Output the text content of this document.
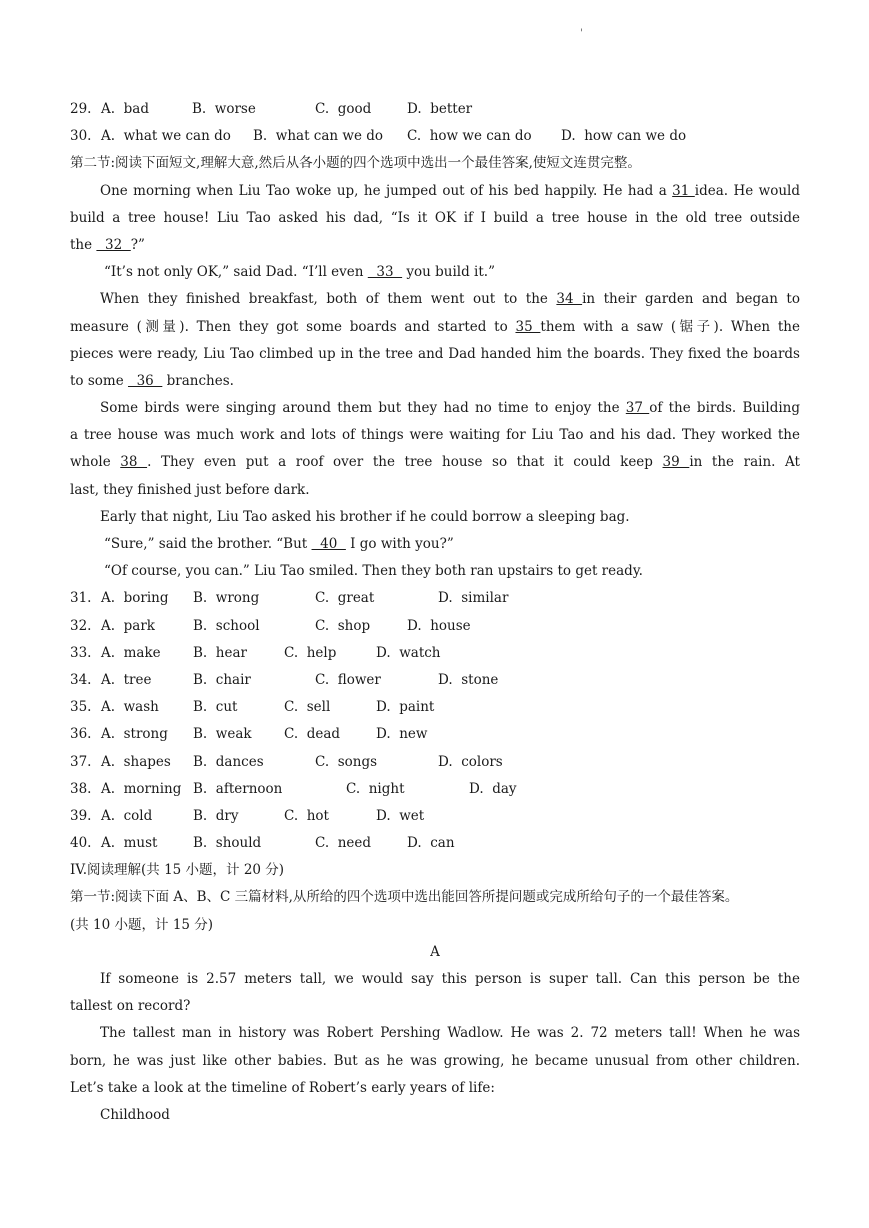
'
29. A.  bad	B.  worse	C.  good	D.  better
30. A.  what we can do B.  what can we do C.  how we can do D.  how can we do
第二节:阅读下面短文,理解大意,然后从各小题的四个选项中选出一个最佳答案,使短文连贯完整。
One morning when Liu Tao woke up, he jumped out of his bed happily. He had a 31 idea. He would
build a tree house! Liu Tao asked his dad, “Is it OK if I build a tree house in the old tree outside
the   32  ?”
“It’s not only OK,” said Dad. “I’ll even   33   you build it.”
When they finished breakfast, both of them went out to the 34 in their garden and began to
measure (测量). Then they got some boards and started to 35 them with a saw (锯子). When the
pieces were ready, Liu Tao climbed up in the tree and Dad handed him the boards. They fixed the boards
to some   36   branches.
Some birds were singing around them but they had no time to enjoy the 37 of the birds. Building
a tree house was much work and lots of things were waiting for Liu Tao and his dad. They worked the
whole 38 . They even put a roof over the tree house so that it could keep 39 in the rain. At
last, they finished just before dark.
Early that night, Liu Tao asked his brother if he could borrow a sleeping bag.
“Sure,” said the brother. “But   40   I go with you?”
“Of course, you can.” Liu Tao smiled. Then they both ran upstairs to get ready.
31. A.  boring B.  wrong	C.  great	D.  similar
32. A.  park	B.  school	C.  shop	D.  house
33. A.  make B.  hear	C.  help	D.  watch
34. A.  tree	B.  chair	C.  flower	D.  stone
35. A.  wash	B.  cut	C.  sell	D.  paint
36. A.  strong B.  weak C.  dead	D.  new
37. A.  shapes B.  dances	C.  songs	D.  colors
38. A.  morning B.  afternoon	C.  night	D.  day
39. A.  cold	B.  dry	C.  hot	D.  wet
40. A.  must	B.  should	C.  need	D.  can
IV.阅读理解(共 15 小题，计 20 分)
第一节:阅读下面 A、B、C 三篇材料,从所给的四个选项中选出能回答所提问题或完成所给句子的一个最佳答案。
(共 10 小题，计 15 分)
A
If someone is 2.57 meters tall, we would say this person is super tall. Can this person be the
tallest on record?
The tallest man in history was Robert Pershing Wadlow. He was 2. 72 meters tall! When he was
born, he was just like other babies. But as he was growing, he became unusual from other children.
Let’s take a look at the timeline of Robert’s early years of life:
Childhood
